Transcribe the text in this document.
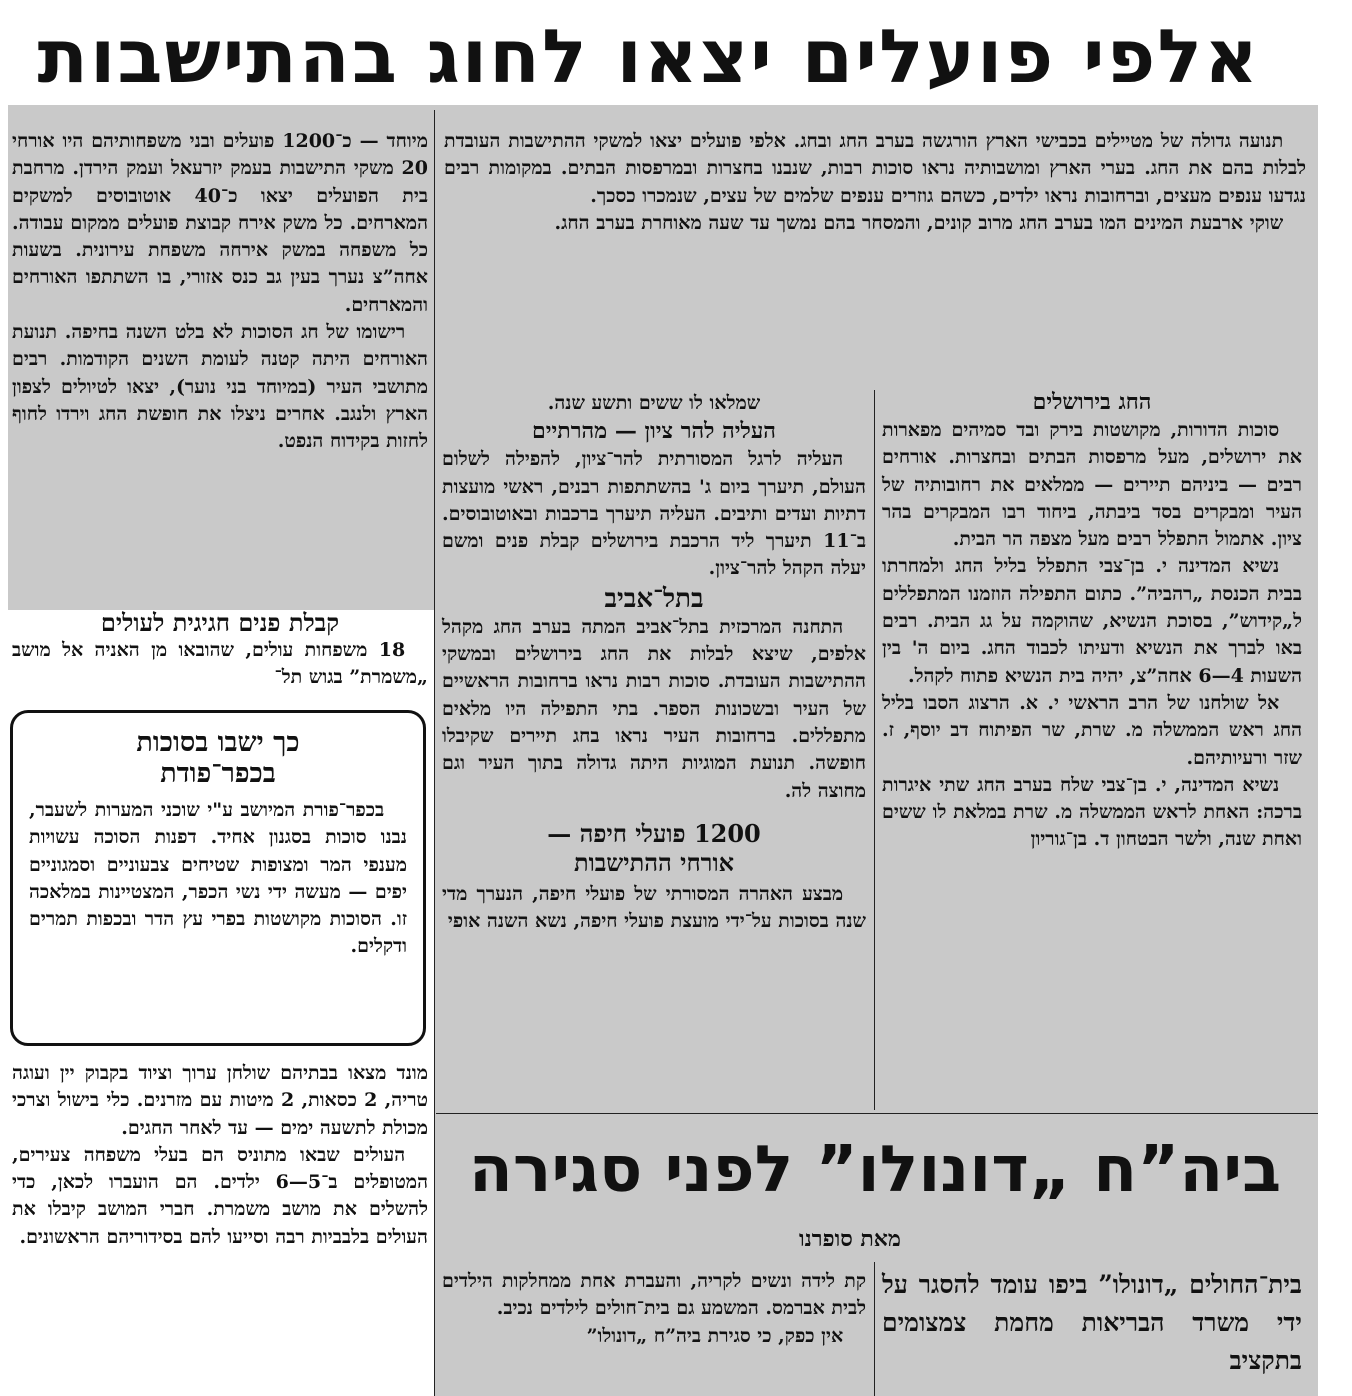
אלפי פועלים יצאו לחוג בהתישבות

תנועה גדולה של מטיילים בכבישי הארץ הורגשה בערב החג ובחג. אלפי פועלים יצאו למשקי ההתישבות העובדת לבלות בהם את החג. בערי הארץ ומושבותיה נראו סוכות רבות, שנבנו בחצרות ובמרפסות הבתים. במקומות רבים נגדעו ענפים מעצים, וברחובות נראו ילדים, כשהם גוזרים ענפים שלמים של עצים, שנמכרו כסכך.

שוקי ארבעת המינים המו בערב החג מרוב קונים, והמסחר בהם נמשך עד שעה מאוחרת בערב החג.

החג בירושלים

סוכות הדורות, מקושטות בירק ובד סמיהים מפארות את ירושלים, מעל מרפסות הבתים ובחצרות. אורחים רבים — ביניהם תיירים — ממלאים את רחובותיה של העיר ומבקרים בסד ביבתה, ביחוד רבו המבקרים בהר ציון. אתמול התפלל רבים מעל מצפה הר הבית.

נשיא המדינה י. בן־צבי התפלל בליל החג ולמחרתו בבית הכנסת „רהביה”. כתום התפילה הוזמנו המתפללים ל„קידוש”, בסוכת הנשיא, שהוקמה על גג הבית. רבים באו לברך את הנשיא ודעיתו לכבוד החג. ביום ה' בין השעות 4—6 אחה”צ, יהיה בית הנשיא פתוח לקהל.

אל שולחנו של הרב הראשי י. א. הרצוג הסבו בליל החג ראש הממשלה מ. שרת, שר הפיתוח דב יוסף, ז. שזר ורעיותיהם.

נשיא המדינה, י. בן־צבי שלח בערב החג שתי איגרות ברכה: האחת לראש הממשלה מ. שרת במלאת לו ששים ואחת שנה, ולשר הבטחון ד. בן־גוריון

שמלאו לו ששים ותשע שנה.

העליה להר ציון — מהרתיים

העליה לרגל המסורתית להר־ציון, להפילה לשלום העולם, תיערך ביום ג' בהשתתפות רבנים, ראשי מועצות דתיות ועדים ותיבים. העליה תיערך ברכבות ובאוטובוסים. ב־11 תיערך ליד הרכבת בירושלים קבלת פנים ומשם יעלה הקהל להר־ציון.

בתל־אביב

התחנה המרכזית בתל־אביב המתה בערב החג מקהל אלפים, שיצא לבלות את החג בירושלים ובמשקי ההתישבות העובדת. סוכות רבות נראו ברחובות הראשיים של העיר ובשכונות הספר. בתי התפילה היו מלאים מתפללים. ברחובות העיר נראו בחג תיירים שקיבלו חופשה. תנועת המוגיות היתה גדולה בתוך העיר וגם מחוצה לה.

1200 פועלי חיפה —
אורחי ההתישבות

מבצע האהרה המסורתי של פועלי חיפה, הנערך מדי שנה בסוכות על־ידי מועצת פועלי חיפה, נשא השנה אופי

מיוחד — כ־1200 פועלים ובני משפחותיהם היו אורחי 20 משקי התישבות בעמק יזרעאל ועמק הירדן. מרחבת בית הפועלים יצאו כ־40 אוטובוסים למשקים המארחים. כל משק אירח קבוצת פועלים ממקום עבודה. כל משפחה במשק אירחה משפחת עירונית. בשעות אחה”צ נערך בעין גב כנס אזורי, בו השתתפו האורחים והמארחים.

רישומו של חג הסוכות לא בלט השנה בחיפה. תנועת האורחים היתה קטנה לעומת השנים הקודמות. רבים מתושבי העיר (במיוחד בני נוער), יצאו לטיולים לצפון הארץ ולנגב. אחרים ניצלו את חופשת החג וירדו לחוף לחזות בקידוח הנפט.

קבלת פנים חגיגית לעולים

18 משפחות עולים, שהובאו מן האניה אל מושב „משמרת” בגוש תל־

כך ישבו בסוכות
בכפר־פודת

בכפר־פורת המיושב ע"י שוכני המערות לשעבר, נבנו סוכות בסגנון אחיד. דפנות הסוכה עשויות מענפי המר ומצופות שטיחים צבעוניים וסמגוניים יפים — מעשה ידי נשי הכפר, המצטיינות במלאכה זו. הסוכות מקושטות בפרי עץ הדר ובכפות תמרים ודקלים.

מונד מצאו בבתיהם שולחן ערוך וציוד בקבוק יין ועוגה טריה, 2 כסאות, 2 מיטות עם מזרנים. כלי בישול וצרכי מכולת לתשעה ימים — עד לאחר החגים.

העולים שבאו מתוניס הם בעלי משפחה צעירים, המטופלים ב־5—6 ילדים. הם הועברו לכאן, כדי להשלים את מושב משמרת. חברי המושב קיבלו את העולים בלבביות רבה וסייעו להם בסידוריהם הראשונים.

ביה”ח „דונולו” לפני סגירה
מאת סופרנו
בית־החולים „דונולו” ביפו עומד להסגר על ידי משרד הבריאות מחמת צמצומים בתקציב

קת לידה ונשים לקריה, והעברת אחת ממחלקות הילדים לבית אברמס. המשמע גם בית־חולים לילדים נכיב.

אין כפק, כי סגירת ביה”ח „דונולו”
